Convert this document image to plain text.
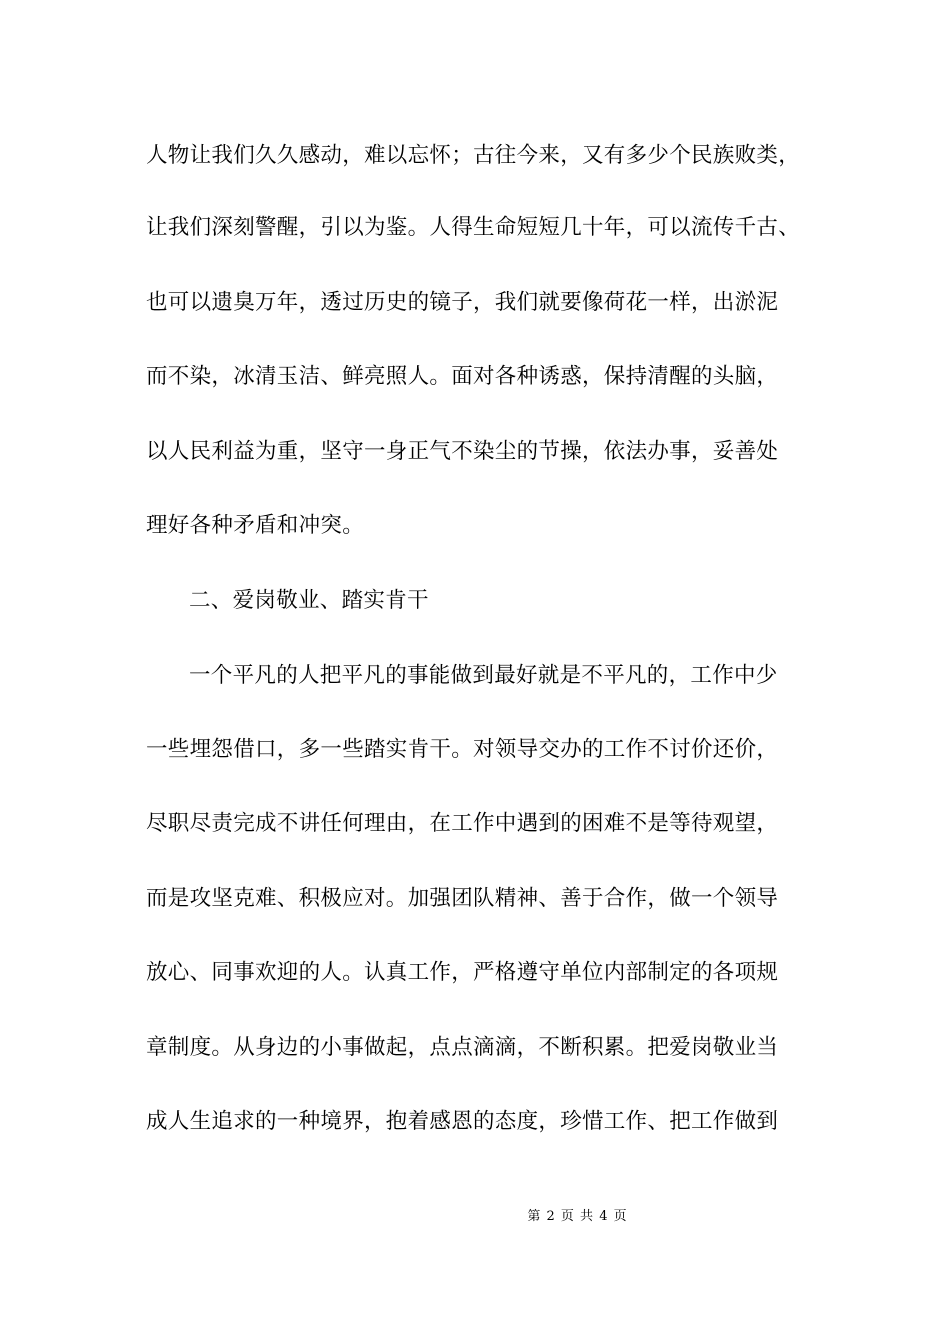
人物让我们久久感动，难以忘怀；古往今来，又有多少个民族败类，
让我们深刻警醒，引以为鉴。人得生命短短几十年，可以流传千古、
也可以遗臭万年，透过历史的镜子，我们就要像荷花一样，出淤泥
而不染，冰清玉洁、鲜亮照人。面对各种诱惑，保持清醒的头脑，
以人民利益为重，坚守一身正气不染尘的节操，依法办事，妥善处
理好各种矛盾和冲突。
二、爱岗敬业、踏实肯干
一个平凡的人把平凡的事能做到最好就是不平凡的，工作中少
一些埋怨借口，多一些踏实肯干。对领导交办的工作不讨价还价，
尽职尽责完成不讲任何理由，在工作中遇到的困难不是等待观望，
而是攻坚克难、积极应对。加强团队精神、善于合作，做一个领导
放心、同事欢迎的人。认真工作，严格遵守单位内部制定的各项规
章制度。从身边的小事做起，点点滴滴，不断积累。把爱岗敬业当
成人生追求的一种境界，抱着感恩的态度，珍惜工作、把工作做到
第 2 页 共 4 页
